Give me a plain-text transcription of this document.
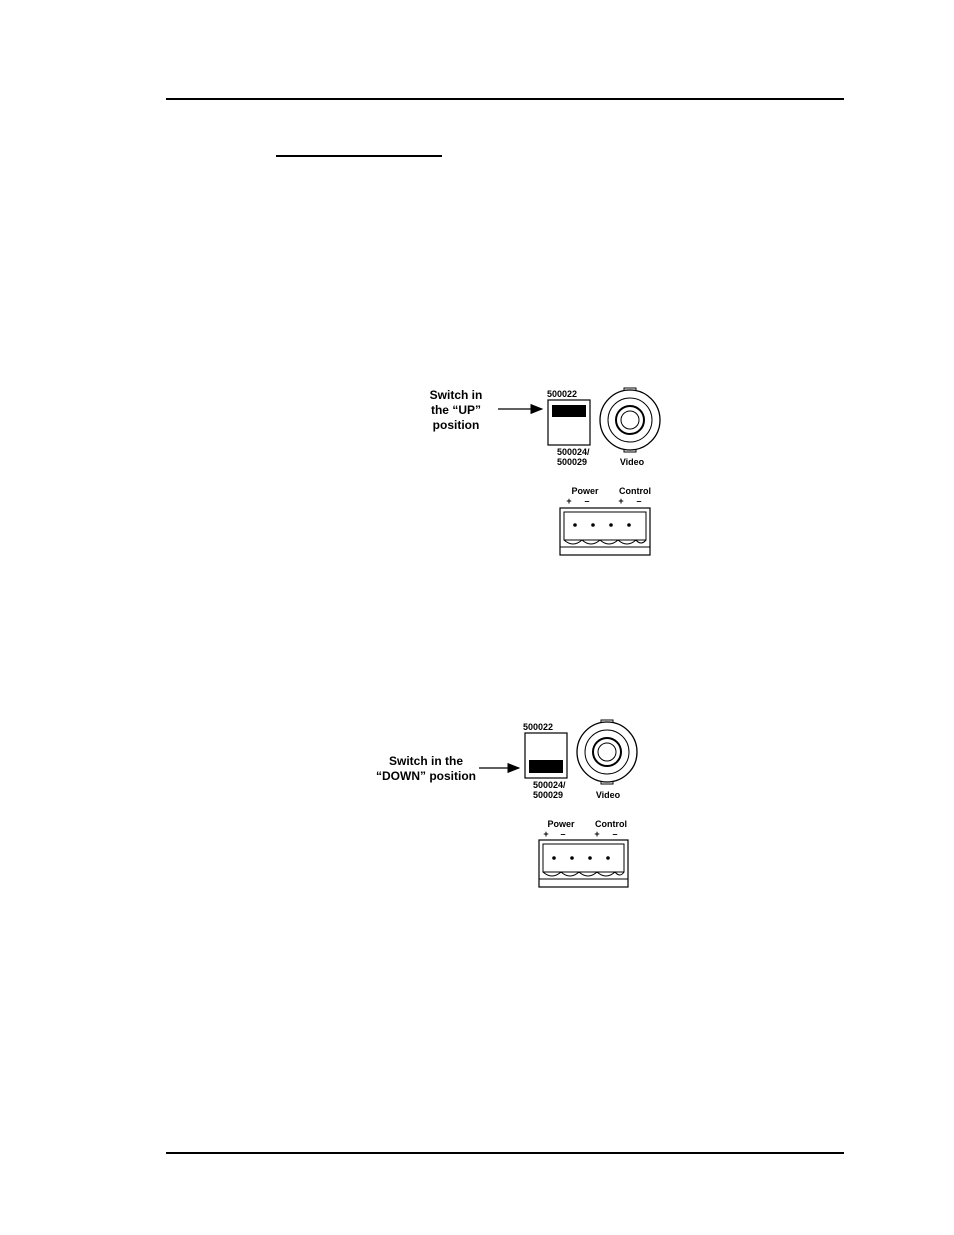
Switch in
the “UP”
position
500022
500024/
500029	Video
Power Control
+ –	+ –
Switch in the
“DOWN” position
500022
500024/
500029	Video
Power Control
+ –	+ –
